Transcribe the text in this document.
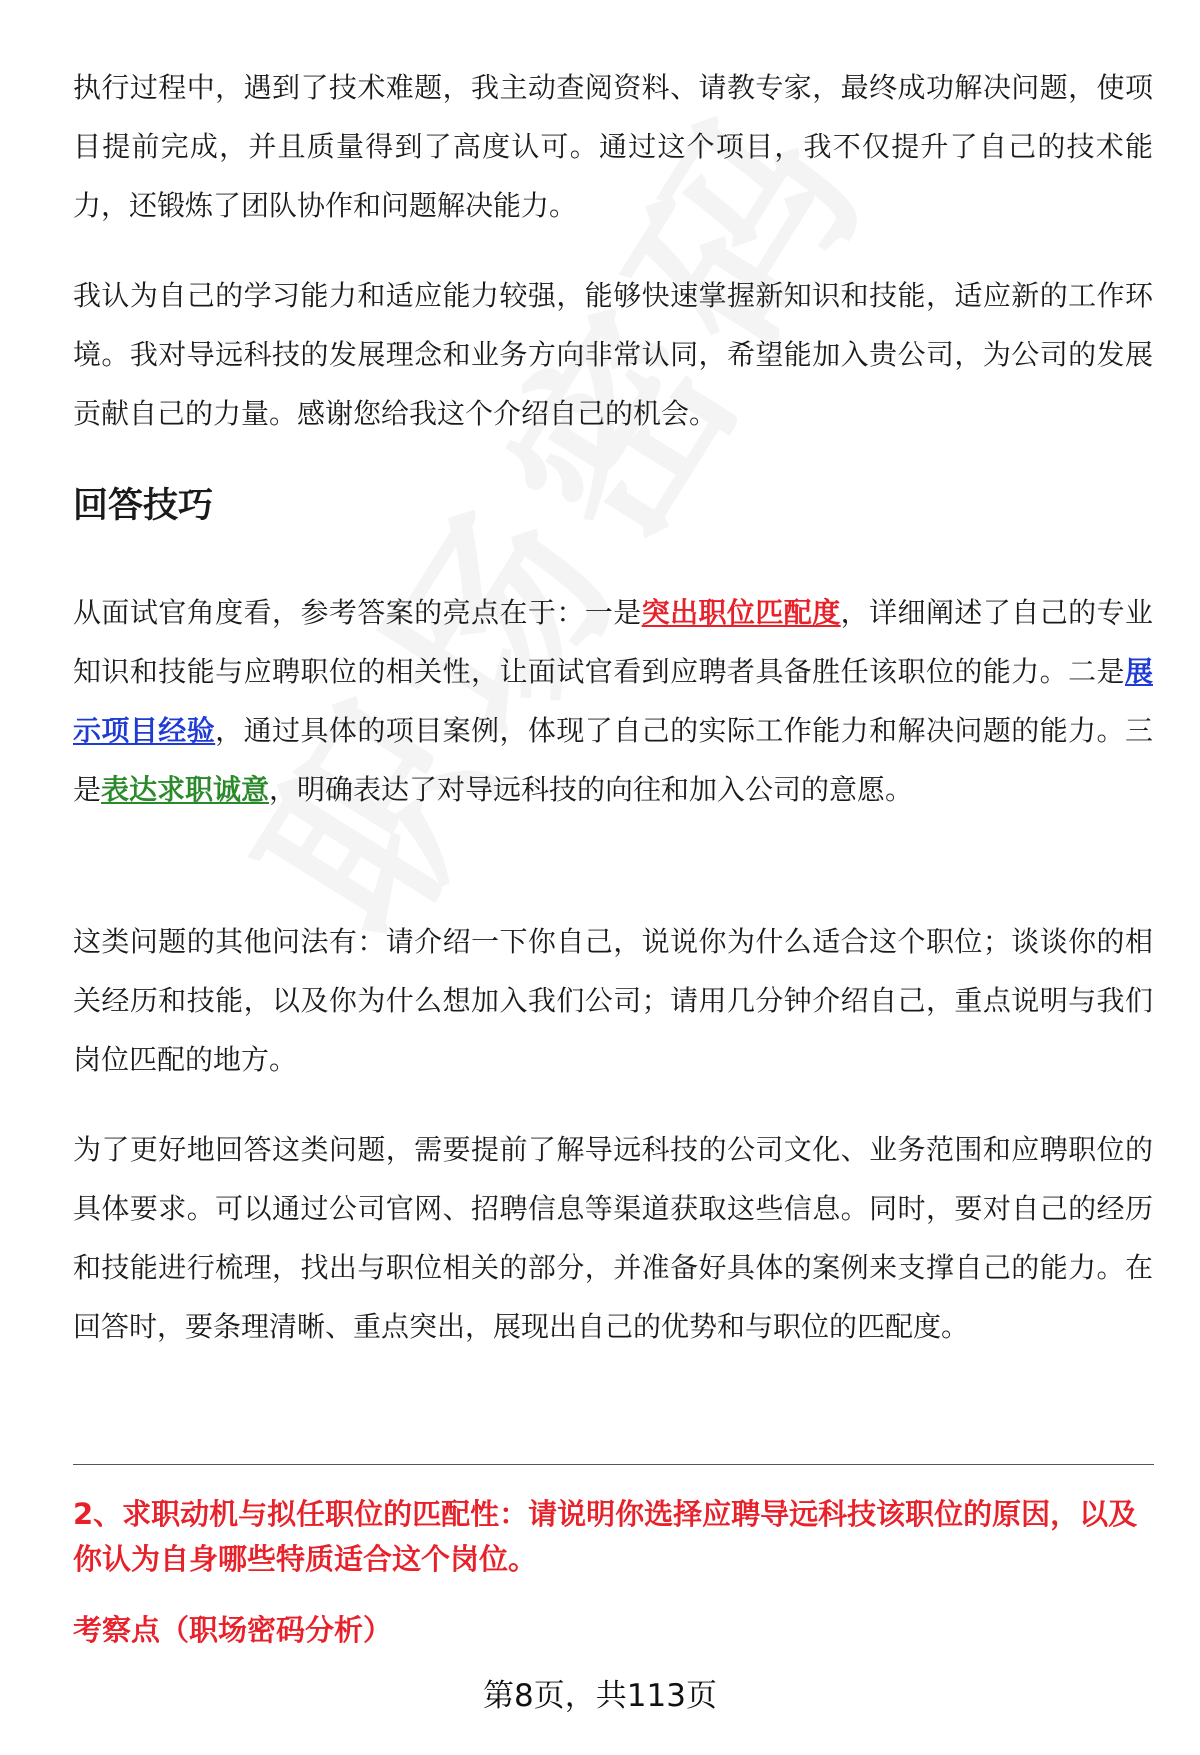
执行过程中，遇到了技术难题，我主动查阅资料、请教专家，最终成功解决问题，使项目提前完成，并且质量得到了高度认可。通过这个项目，我不仅提升了自己的技术能力，还锻炼了团队协作和问题解决能力。

我认为自己的学习能力和适应能力较强，能够快速掌握新知识和技能，适应新的工作环境。我对导远科技的发展理念和业务方向非常认同，希望能加入贵公司，为公司的发展贡献自己的力量。感谢您给我这个介绍自己的机会。

回答技巧

从面试官角度看，参考答案的亮点在于：一是突出职位匹配度，详细阐述了自己的专业知识和技能与应聘职位的相关性，让面试官看到应聘者具备胜任该职位的能力。二是展示项目经验，通过具体的项目案例，体现了自己的实际工作能力和解决问题的能力。三是表达求职诚意，明确表达了对导远科技的向往和加入公司的意愿。

这类问题的其他问法有：请介绍一下你自己，说说你为什么适合这个职位；谈谈你的相关经历和技能，以及你为什么想加入我们公司；请用几分钟介绍自己，重点说明与我们岗位匹配的地方。

为了更好地回答这类问题，需要提前了解导远科技的公司文化、业务范围和应聘职位的具体要求。可以通过公司官网、招聘信息等渠道获取这些信息。同时，要对自己的经历和技能进行梳理，找出与职位相关的部分，并准备好具体的案例来支撑自己的能力。在回答时，要条理清晰、重点突出，展现出自己的优势和与职位的匹配度。

2、求职动机与拟任职位的匹配性：请说明你选择应聘导远科技该职位的原因，以及你认为自身哪些特质适合这个岗位。

考察点（职场密码分析）

第8页，共113页
